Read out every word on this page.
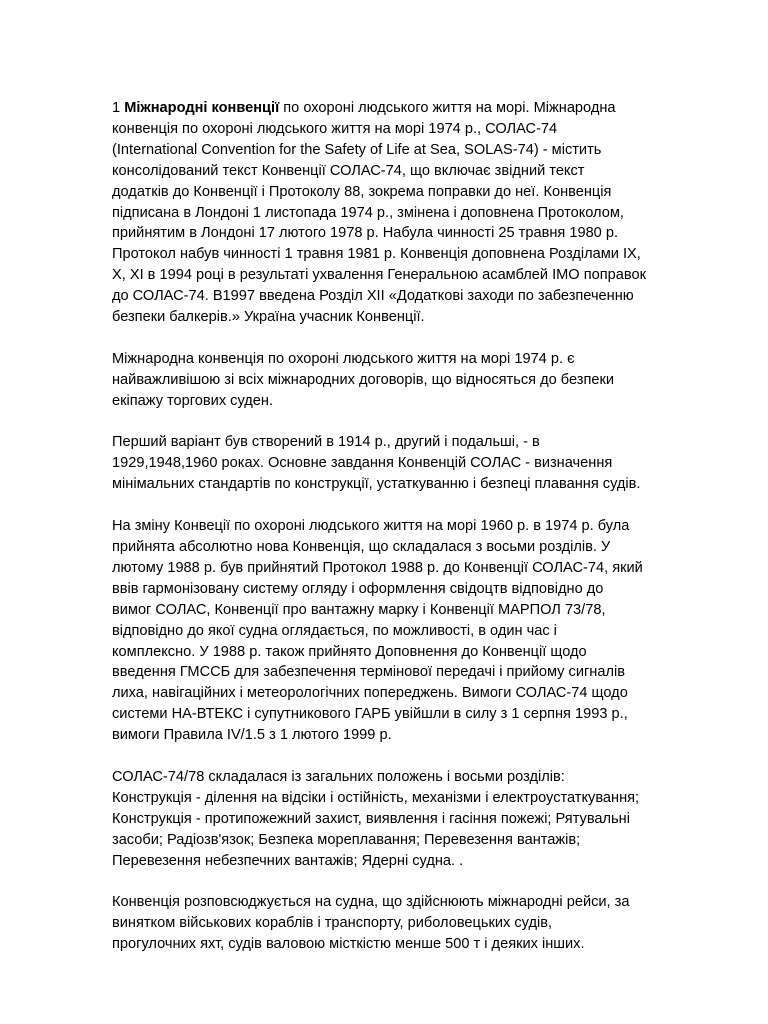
1 Міжнародні конвенції по охороні людського життя на морі. Міжнародна
конвенція по охороні людського життя на морі 1974 р., СОЛАС-74
(International Convention for the Safety of Life at Sea, SOLAS-74) - містить
консолідований текст Конвенції СОЛАС-74, що включає звідний текст
додатків до Конвенції і Протоколу 88, зокрема поправки до неї. Конвенція
підписана в Лондоні 1 листопада 1974 р., змінена і доповнена Протоколом,
прийнятим в Лондоні 17 лютого 1978 р. Набула чинності 25 травня 1980 р.
Протокол набув чинності 1 травня 1981 р. Конвенція доповнена Розділами IX,
X, XI в 1994 році в результаті ухвалення Генеральною асамблей IMO поправок
до СОЛАС-74. В1997 введена Розділ XII «Додаткові заходи по забезпеченню
безпеки балкерів.» Україна учасник Конвенції.

Міжнародна конвенція по охороні людського життя на морі 1974 р. є
найважливішою зі всіх міжнародних договорів, що відносяться до безпеки
екіпажу торгових суден.

Перший варіант був створений в 1914 р., другий і подальші, - в
1929,1948,1960 роках. Основне завдання Конвенцій СОЛАС - визначення
мінімальних стандартів по конструкції, устаткуванню і безпеці плавання судів.

На зміну Конвеції по охороні людського життя на морі 1960 р. в 1974 р. була
прийнята абсолютно нова Конвенція, що складалася з восьми розділів. У
лютому 1988 р. був прийнятий Протокол 1988 р. до Конвенції СОЛАС-74, який
ввів гармонізовану систему огляду і оформлення свідоцтв відповідно до
вимог СОЛАС, Конвенції про вантажну марку і Конвенції МАРПОЛ 73/78,
відповідно до якої судна оглядається, по можливості, в один час і
комплексно. У 1988 р. також прийнято Доповнення до Конвенції щодо
введення ГМССБ для забезпечення термінової передачі і прийому сигналів
лиха, навігаційних і метеорологічних попереджень. Вимоги СОЛАС-74 щодо
системи НА-ВТЕКС і супутникового ГАРБ увійшли в силу з 1 серпня 1993 р.,
вимоги Правила IV/1.5 з 1 лютого 1999 р.

СОЛАС-74/78 складалася із загальних положень і восьми розділів:
Конструкція - ділення на відсіки і остійність, механізми і електроустаткування;
Конструкція - протипожежний захист, виявлення і гасіння пожежі; Рятувальні
засоби; Радіозв'язок; Безпека мореплавання; Перевезення вантажів;
Перевезення небезпечних вантажів; Ядерні судна. .

Конвенція розповсюджується на судна, що здійснюють міжнародні рейси, за
винятком військових кораблів і транспорту, риболовецьких судів,
прогулочних яхт, судів валовою місткістю менше 500 т і деяких інших.
